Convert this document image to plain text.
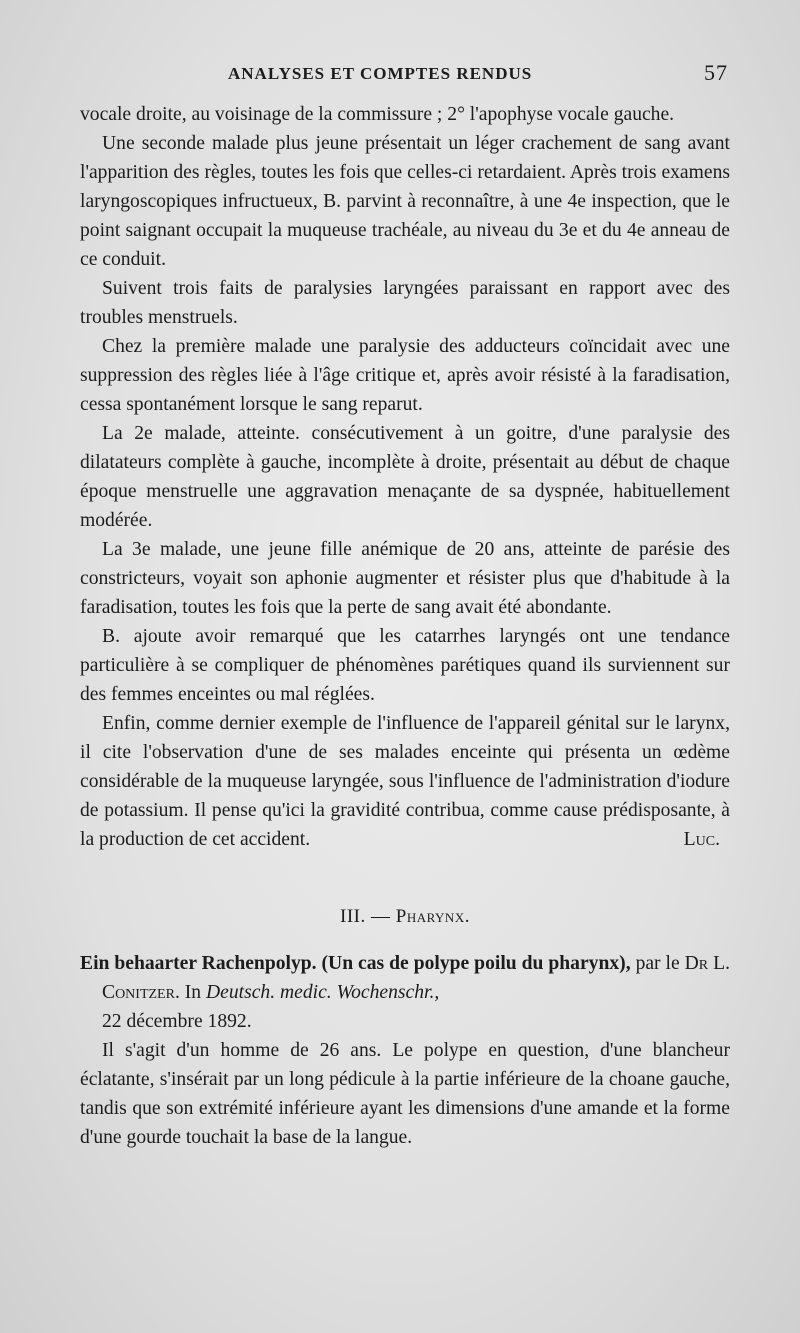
ANALYSES ET COMPTES RENDUS	57

vocale droite, au voisinage de la commissure ; 2° l'apophyse vocale gauche.

Une seconde malade plus jeune présentait un léger crachement de sang avant l'apparition des règles, toutes les fois que celles-ci retardaient. Après trois examens laryngoscopiques infructueux, B. parvint à reconnaître, à une 4e inspection, que le point saignant occupait la muqueuse trachéale, au niveau du 3e et du 4e anneau de ce conduit.

Suivent trois faits de paralysies laryngées paraissant en rapport avec des troubles menstruels.

Chez la première malade une paralysie des adducteurs coïncidait avec une suppression des règles liée à l'âge critique et, après avoir résisté à la faradisation, cessa spontanément lorsque le sang reparut.

La 2e malade, atteinte. consécutivement à un goitre, d'une paralysie des dilatateurs complète à gauche, incomplète à droite, présentait au début de chaque époque menstruelle une aggravation menaçante de sa dyspnée, habituellement modérée.

La 3e malade, une jeune fille anémique de 20 ans, atteinte de parésie des constricteurs, voyait son aphonie augmenter et résister plus que d'habitude à la faradisation, toutes les fois que la perte de sang avait été abondante.

B. ajoute avoir remarqué que les catarrhes laryngés ont une tendance particulière à se compliquer de phénomènes parétiques quand ils surviennent sur des femmes enceintes ou mal réglées.

Enfin, comme dernier exemple de l'influence de l'appareil génital sur le larynx, il cite l'observation d'une de ses malades enceinte qui présenta un œdème considérable de la muqueuse laryngée, sous l'influence de l'administration d'iodure de potassium. Il pense qu'ici la gravidité contribua, comme cause prédisposante, à la production de cet accident.	Luc.

III. — Pharynx.

Ein behaarter Rachenpolyp. (Un cas de polype poilu du pharynx), par le Dr L. Conitzer. In Deutsch. medic. Wochenschr.,
22 décembre 1892.

Il s'agit d'un homme de 26 ans. Le polype en question, d'une blancheur éclatante, s'insérait par un long pédicule à la partie inférieure de la choane gauche, tandis que son extrémité inférieure ayant les dimensions d'une amande et la forme d'une gourde touchait la base de la langue.
